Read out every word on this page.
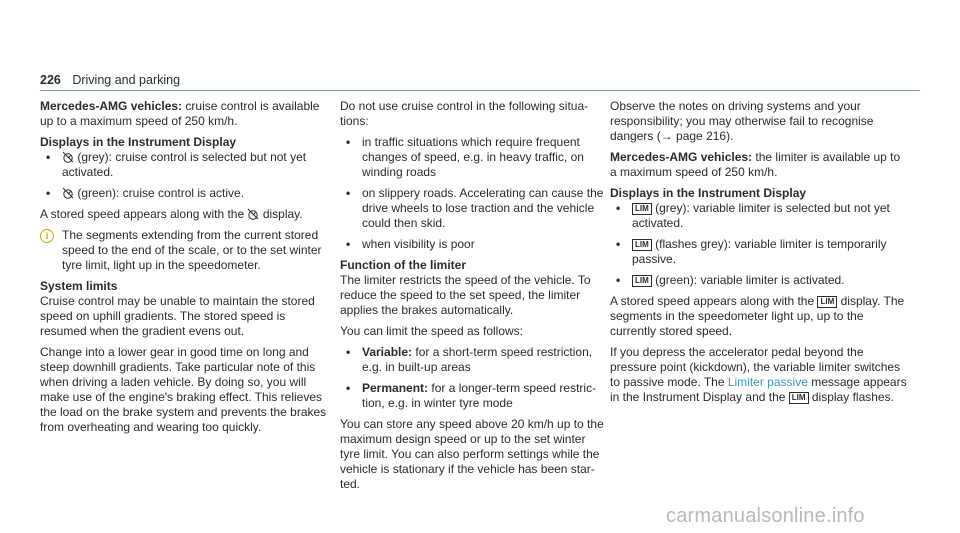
226 Driving and parking

Mercedes-AMG vehicles: cruise control is available up to a maximum speed of 250 km/h.

Displays in the Instrument Display
• (grey): cruise control is selected but not yet activated.
• (green): cruise control is active.

A stored speed appears along with the  display.

i	The segments extending from the current stored speed to the end of the scale, or to the set winter tyre limit, light up in the speedometer.
System limits

Cruise control may be unable to maintain the stored speed on uphill gradients. The stored speed is resumed when the gradient evens out.

Change into a lower gear in good time on long and steep downhill gradients. Take particular note of this when driving a laden vehicle. By doing so, you will make use of the engine's braking effect. This relieves the load on the brake system and prevents the brakes from overheating and wearing too quickly.

Do not use cruise control in the following situations:

• in traffic situations which require frequent changes of speed, e.g. in heavy traffic, on winding roads
• on slippery roads. Accelerating can cause the drive wheels to lose traction and the vehicle could then skid.
• when visibility is poor
Function of the limiter

The limiter restricts the speed of the vehicle. To reduce the speed to the set speed, the limiter applies the brakes automatically.

You can limit the speed as follows:

• Variable: for a short-term speed restriction, e.g. in built-up areas
• Permanent: for a longer-term speed restriction, e.g. in winter tyre mode

You can store any speed above 20 km/h up to the maximum design speed or up to the set winter tyre limit. You can also perform settings while the vehicle is stationary if the vehicle has been started.

Observe the notes on driving systems and your responsibility; you may otherwise fail to recognise dangers (→ page 216).

Mercedes-AMG vehicles: the limiter is available up to a maximum speed of 250 km/h.

Displays in the Instrument Display
• LIM (grey): variable limiter is selected but not yet activated.
• LIM (flashes grey): variable limiter is temporarily passive.
• LIM (green): variable limiter is activated.

A stored speed appears along with the LIM display. The segments in the speedometer light up, up to the currently stored speed.

If you depress the accelerator pedal beyond the pressure point (kickdown), the variable limiter switches to passive mode. The Limiter passive message appears in the Instrument Display and the LIM display flashes.

carmanualsonline.info
